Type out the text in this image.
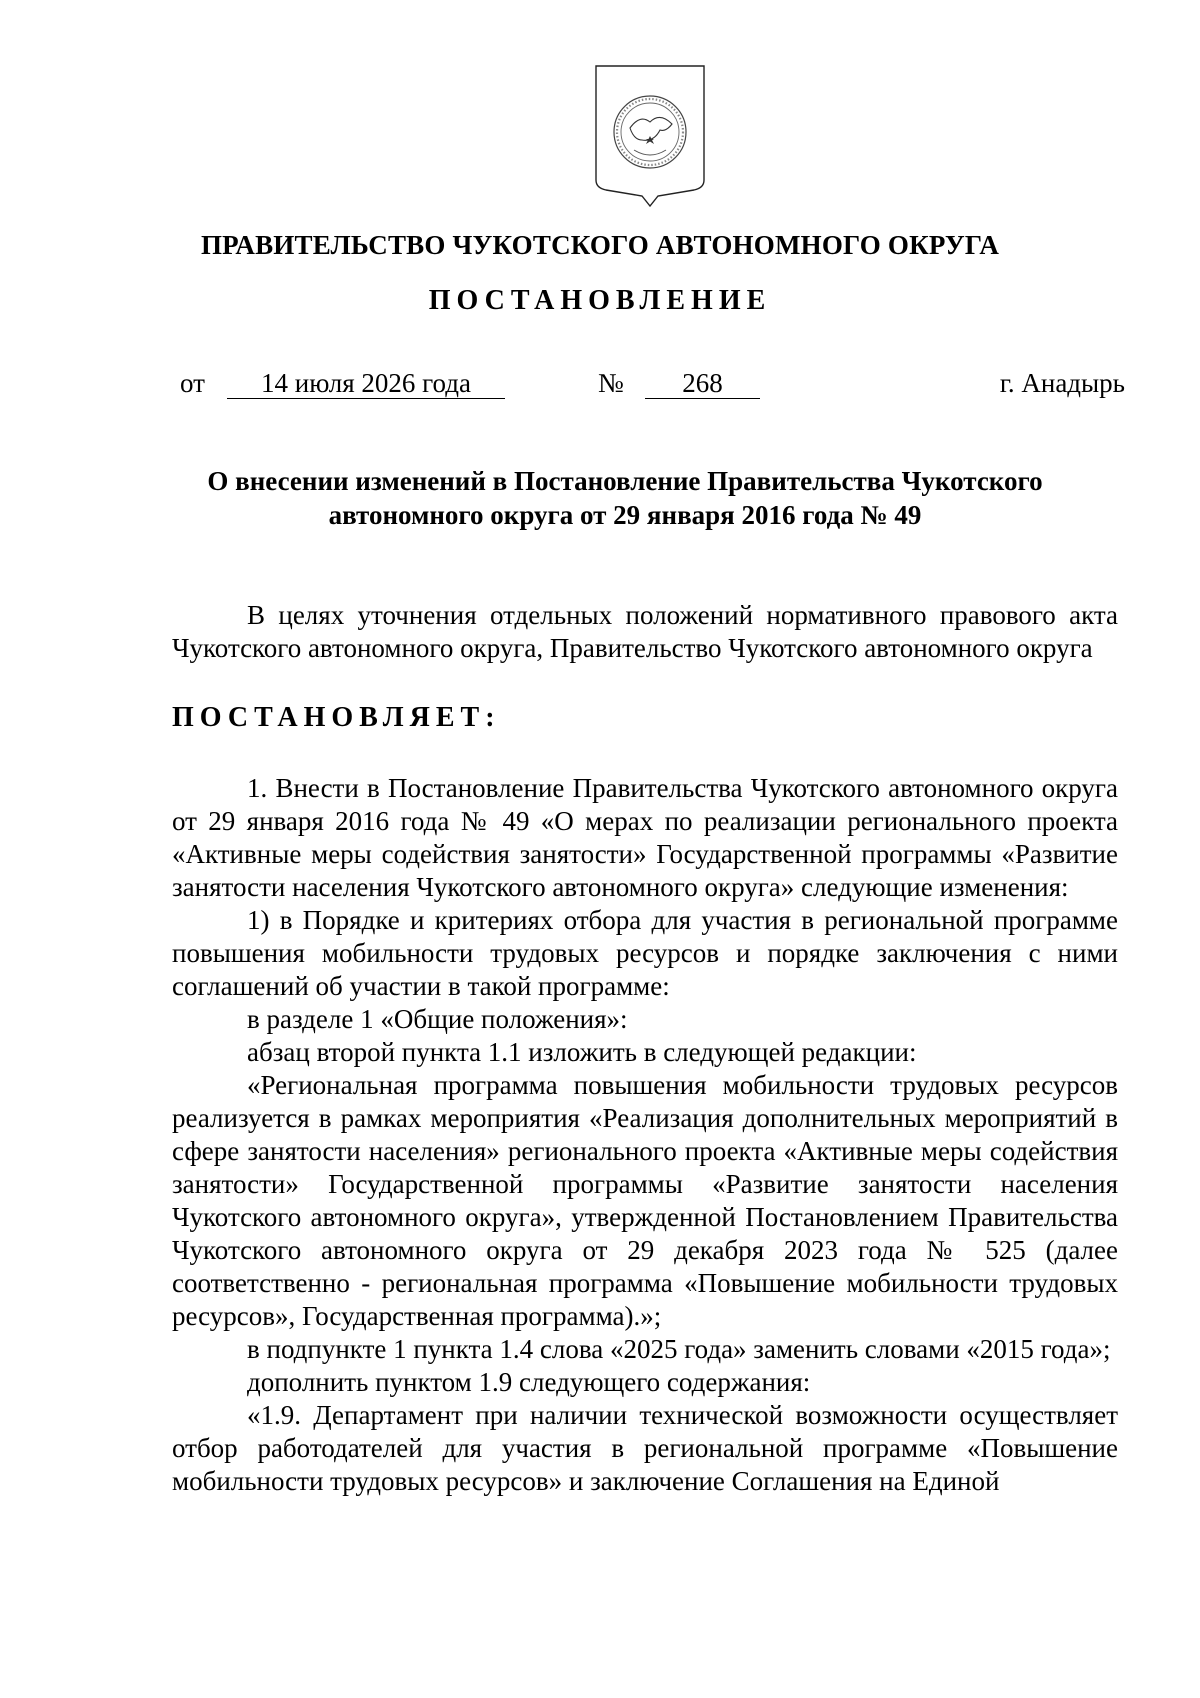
ПРАВИТЕЛЬСТВО ЧУКОТСКОГО АВТОНОМНОГО ОКРУГА
ПОСТАНОВЛЕНИЕ
от	14 июля 2026 года	№	268	г. Анадырь
О внесении изменений в Постановление Правительства Чукотского
автономного округа от 29 января 2016 года № 49

В целях уточнения отдельных положений нормативного правового акта Чукотского автономного округа, Правительство Чукотского автономного округа

ПОСТАНОВЛЯЕТ:

1. Внести в Постановление Правительства Чукотского автономного округа от 29 января 2016 года № 49 «О мерах по реализации регионального проекта «Активные меры содействия занятости» Государственной программы «Развитие занятости населения Чукотского автономного округа» следующие изменения:

1) в Порядке и критериях отбора для участия в региональной программе повышения мобильности трудовых ресурсов и порядке заключения с ними соглашений об участии в такой программе:

в разделе 1 «Общие положения»:

абзац второй пункта 1.1 изложить в следующей редакции:

«Региональная программа повышения мобильности трудовых ресурсов реализуется в рамках мероприятия «Реализация дополнительных мероприятий в сфере занятости населения» регионального проекта «Активные меры содействия занятости» Государственной программы «Развитие занятости населения Чукотского автономного округа», утвержденной Постановлением Правительства Чукотского автономного округа от 29 декабря 2023 года № 525 (далее соответственно - региональная программа «Повышение мобильности трудовых ресурсов», Государственная программа).»;

в подпункте 1 пункта 1.4 слова «2025 года» заменить словами «2015 года»;

дополнить пунктом 1.9 следующего содержания:

«1.9. Департамент при наличии технической возможности осуществляет отбор работодателей для участия в региональной программе «Повышение мобильности трудовых ресурсов» и заключение Соглашения на Единой
